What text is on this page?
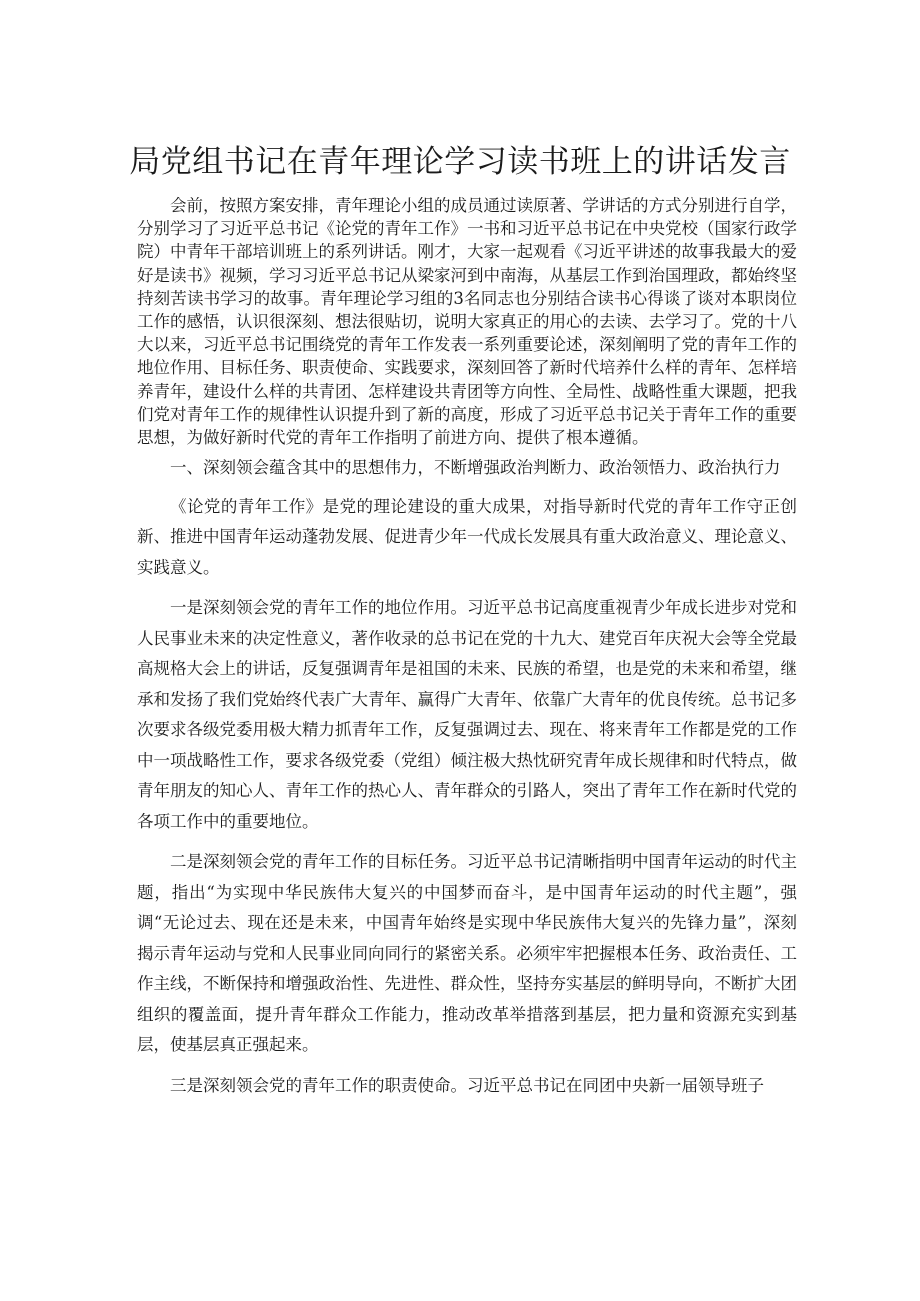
局党组书记在青年理论学习读书班上的讲话发言

会前，按照方案安排，青年理论小组的成员通过读原著、学讲话的方式分别进行自学，分别学习了习近平总书记《论党的青年工作》一书和习近平总书记在中央党校（国家行政学院）中青年干部培训班上的系列讲话。刚才，大家一起观看《习近平讲述的故事我最大的爱好是读书》视频，学习习近平总书记从梁家河到中南海，从基层工作到治国理政，都始终坚持刻苦读书学习的故事。青年理论学习组的3名同志也分别结合读书心得谈了谈对本职岗位工作的感悟，认识很深刻、想法很贴切，说明大家真正的用心的去读、去学习了。党的十八大以来，习近平总书记围绕党的青年工作发表一系列重要论述，深刻阐明了党的青年工作的地位作用、目标任务、职责使命、实践要求，深刻回答了新时代培养什么样的青年、怎样培养青年，建设什么样的共青团、怎样建设共青团等方向性、全局性、战略性重大课题，把我们党对青年工作的规律性认识提升到了新的高度，形成了习近平总书记关于青年工作的重要思想，为做好新时代党的青年工作指明了前进方向、提供了根本遵循。

一、深刻领会蕴含其中的思想伟力，不断增强政治判断力、政治领悟力、政治执行力

《论党的青年工作》是党的理论建设的重大成果，对指导新时代党的青年工作守正创新、推进中国青年运动蓬勃发展、促进青少年一代成长发展具有重大政治意义、理论意义、实践意义。

一是深刻领会党的青年工作的地位作用。习近平总书记高度重视青少年成长进步对党和人民事业未来的决定性意义，著作收录的总书记在党的十九大、建党百年庆祝大会等全党最高规格大会上的讲话，反复强调青年是祖国的未来、民族的希望，也是党的未来和希望，继承和发扬了我们党始终代表广大青年、赢得广大青年、依靠广大青年的优良传统。总书记多次要求各级党委用极大精力抓青年工作，反复强调过去、现在、将来青年工作都是党的工作中一项战略性工作，要求各级党委（党组）倾注极大热忱研究青年成长规律和时代特点，做青年朋友的知心人、青年工作的热心人、青年群众的引路人，突出了青年工作在新时代党的各项工作中的重要地位。

二是深刻领会党的青年工作的目标任务。习近平总书记清晰指明中国青年运动的时代主题，指出“为实现中华民族伟大复兴的中国梦而奋斗，是中国青年运动的时代主题”，强调“无论过去、现在还是未来，中国青年始终是实现中华民族伟大复兴的先锋力量”，深刻揭示青年运动与党和人民事业同向同行的紧密关系。必须牢牢把握根本任务、政治责任、工作主线，不断保持和增强政治性、先进性、群众性，坚持夯实基层的鲜明导向，不断扩大团组织的覆盖面，提升青年群众工作能力，推动改革举措落到基层，把力量和资源充实到基层，使基层真正强起来。

三是深刻领会党的青年工作的职责使命。习近平总书记在同团中央新一届领导班子
